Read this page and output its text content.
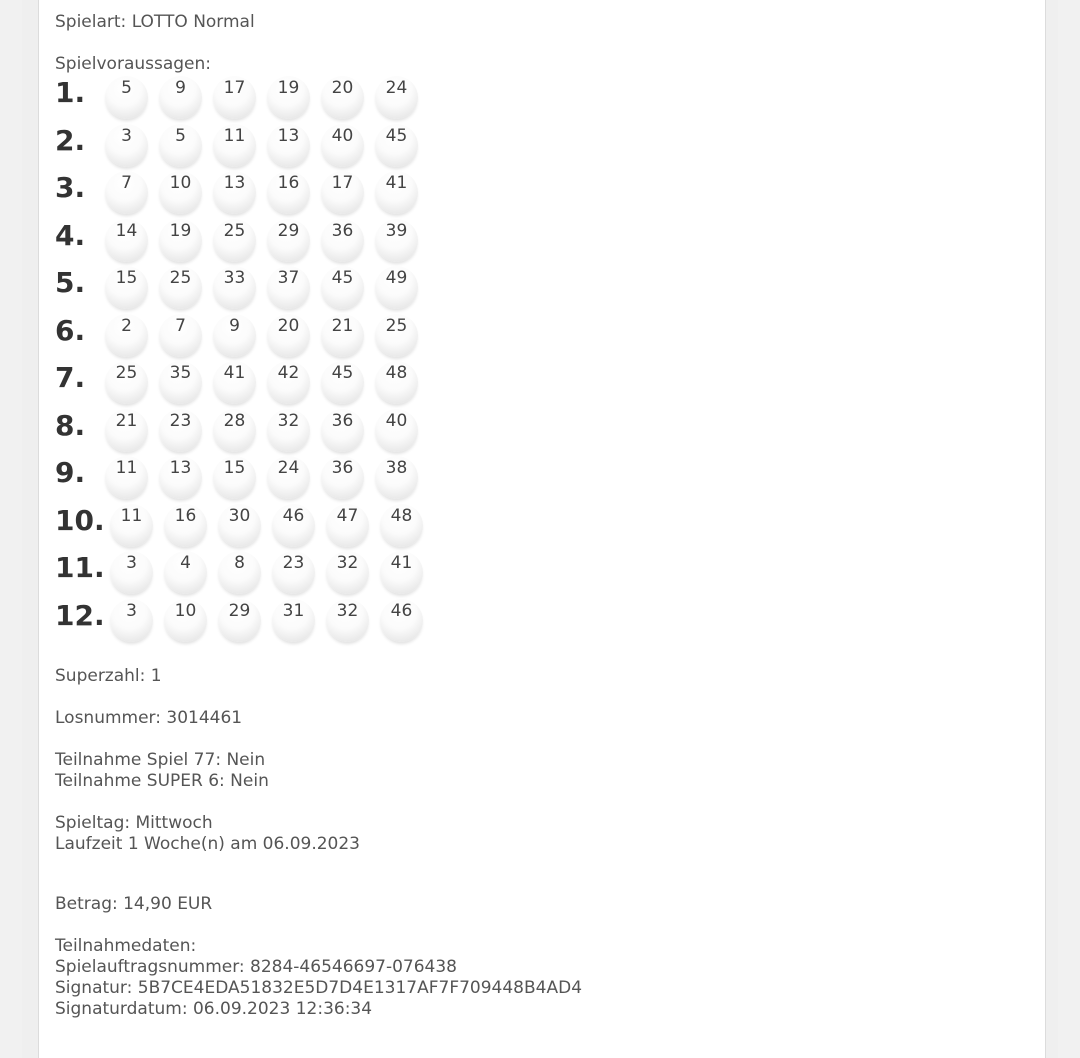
Spielart: LOTTO Normal
Spielvoraussagen:
1.	5	9	17	19	20	24
2.	3	5	11	13	40	45
3.	7	10	13	16	17	41
4.	14	19	25	29	36	39
5.	15	25	33	37	45	49
6.	2	7	9	20	21	25
7.	25	35	41	42	45	48
8.	21	23	28	32	36	40
9.	11	13	15	24	36	38
10. 11	16	30	46	47	48
11.	3	4	8	23	32	41
12.	3	10	29	31	32	46
Superzahl: 1
Losnummer: 3014461
Teilnahme Spiel 77: Nein
Teilnahme SUPER 6: Nein
Spieltag: Mittwoch
Laufzeit 1 Woche(n) am 06.09.2023
Betrag: 14,90 EUR
Teilnahmedaten:
Spielauftragsnummer: 8284-46546697-076438
Signatur: 5B7CE4EDA51832E5D7D4E1317AF7F709448B4AD4
Signaturdatum: 06.09.2023 12:36:34
